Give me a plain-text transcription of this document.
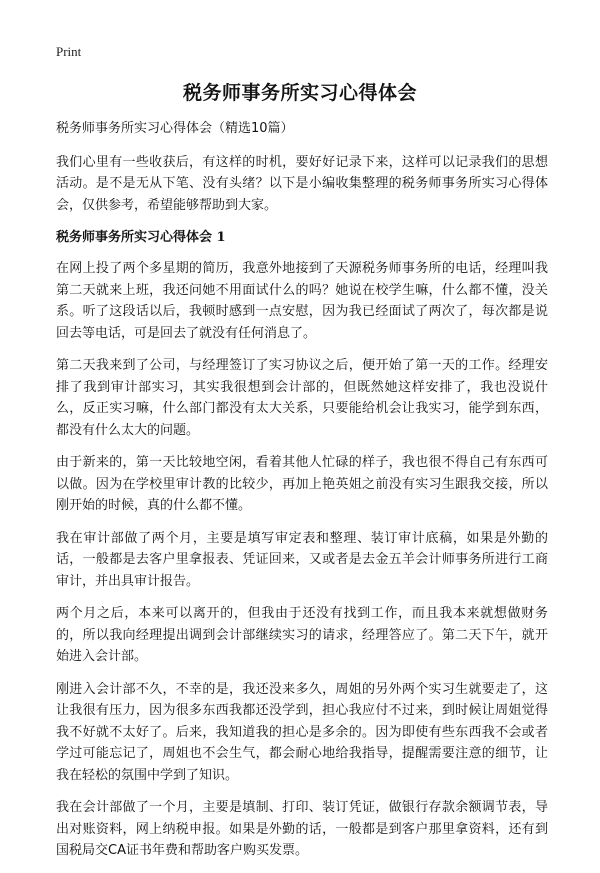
Print
税务师事务所实习心得体会

税务师事务所实习心得体会（精选10篇）

我们心里有一些收获后，有这样的时机，要好好记录下来，这样可以记录我们的思想活动。是不是无从下笔、没有头绪？以下是小编收集整理的税务师事务所实习心得体会，仅供参考，希望能够帮助到大家。

税务师事务所实习心得体会 1

在网上投了两个多星期的简历，我意外地接到了天源税务师事务所的电话，经理叫我第二天就来上班，我还问她不用面试什么的吗？她说在校学生嘛，什么都不懂，没关系。听了这段话以后，我顿时感到一点安慰，因为我已经面试了两次了，每次都是说回去等电话，可是回去了就没有任何消息了。

第二天我来到了公司，与经理签订了实习协议之后，便开始了第一天的工作。经理安排了我到审计部实习，其实我很想到会计部的，但既然她这样安排了，我也没说什么，反正实习嘛，什么部门都没有太大关系，只要能给机会让我实习，能学到东西，都没有什么太大的问题。

由于新来的，第一天比较地空闲，看着其他人忙碌的样子，我也很不得自己有东西可以做。因为在学校里审计教的比较少，再加上艳英姐之前没有实习生跟我交接，所以刚开始的时候，真的什么都不懂。

我在审计部做了两个月，主要是填写审定表和整理、装订审计底稿，如果是外勤的话，一般都是去客户里拿报表、凭证回来，又或者是去金五羊会计师事务所进行工商审计，并出具审计报告。

两个月之后，本来可以离开的，但我由于还没有找到工作，而且我本来就想做财务的，所以我向经理提出调到会计部继续实习的请求，经理答应了。第二天下午，就开始进入会计部。

刚进入会计部不久，不幸的是，我还没来多久，周姐的另外两个实习生就要走了，这让我很有压力，因为很多东西我都还没学到，担心我应付不过来，到时候让周姐觉得我不好就不太好了。后来，我知道我的担心是多余的。因为即使有些东西我不会或者学过可能忘记了，周姐也不会生气，都会耐心地给我指导，提醒需要注意的细节，让我在轻松的氛围中学到了知识。

我在会计部做了一个月，主要是填制、打印、装订凭证，做银行存款余额调节表，导出对账资料，网上纳税申报。如果是外勤的话，一般都是到客户那里拿资料，还有到国税局交CA证书年费和帮助客户购买发票。
